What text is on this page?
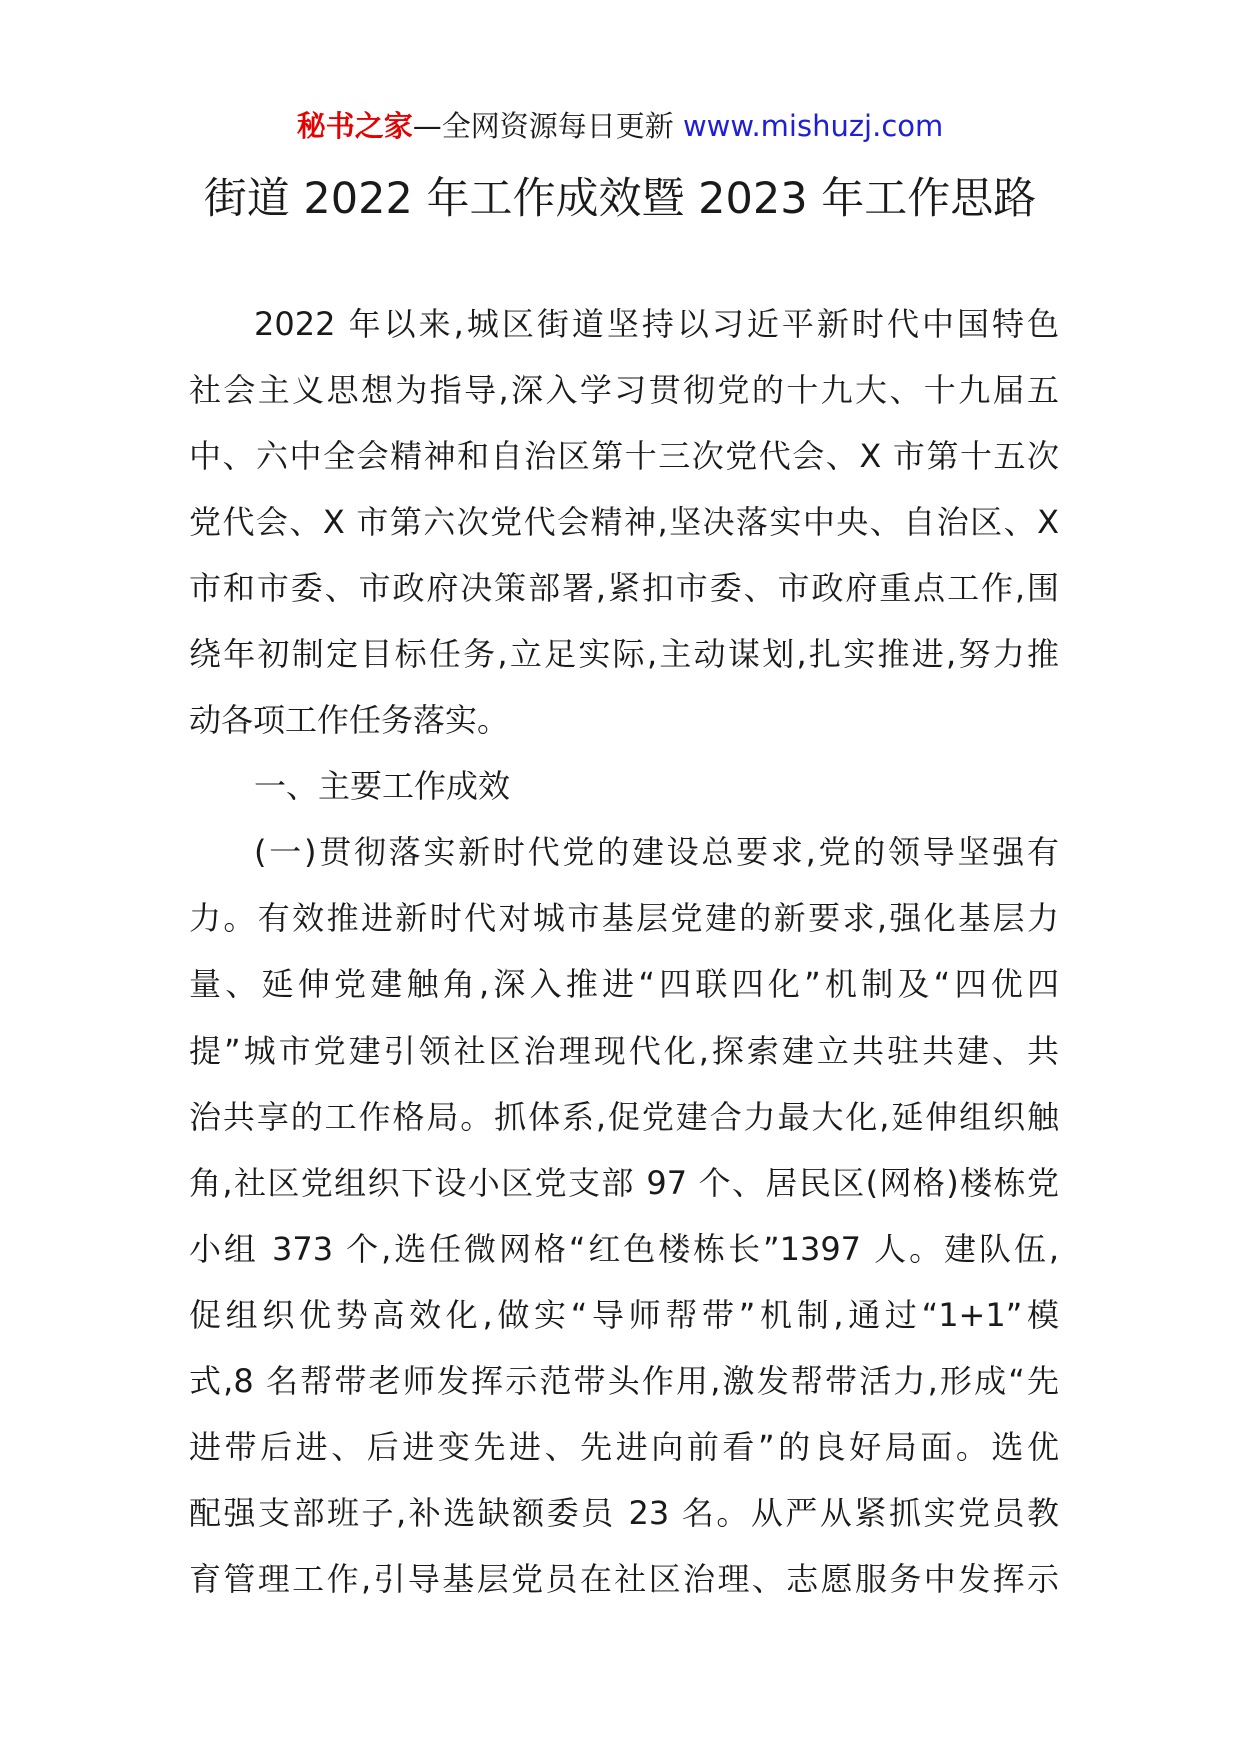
秘书之家—全网资源每日更新 www.mishuzj.com
街道 2022 年工作成效暨 2023 年工作思路
2022 年以来,城区街道坚持以习近平新时代中国特色
社会主义思想为指导,深入学习贯彻党的十九大、十九届五
中、六中全会精神和自治区第十三次党代会、X 市第十五次
党代会、X 市第六次党代会精神,坚决落实中央、自治区、X
市和市委、市政府决策部署,紧扣市委、市政府重点工作,围
绕年初制定目标任务,立足实际,主动谋划,扎实推进,努力推
动各项工作任务落实。
一、主要工作成效
(一)贯彻落实新时代党的建设总要求,党的领导坚强有
力。有效推进新时代对城市基层党建的新要求,强化基层力
量、延伸党建触角,深入推进“四联四化”机制及“四优四
提”城市党建引领社区治理现代化,探索建立共驻共建、共
治共享的工作格局。抓体系,促党建合力最大化,延伸组织触
角,社区党组织下设小区党支部 97 个、居民区(网格)楼栋党
小组 373 个,选任微网格“红色楼栋长”1397 人。建队伍,
促组织优势高效化,做实“导师帮带”机制,通过“1+1”模
式,8 名帮带老师发挥示范带头作用,激发帮带活力,形成“先
进带后进、后进变先进、先进向前看”的良好局面。选优
配强支部班子,补选缺额委员 23 名。从严从紧抓实党员教
育管理工作,引导基层党员在社区治理、志愿服务中发挥示
